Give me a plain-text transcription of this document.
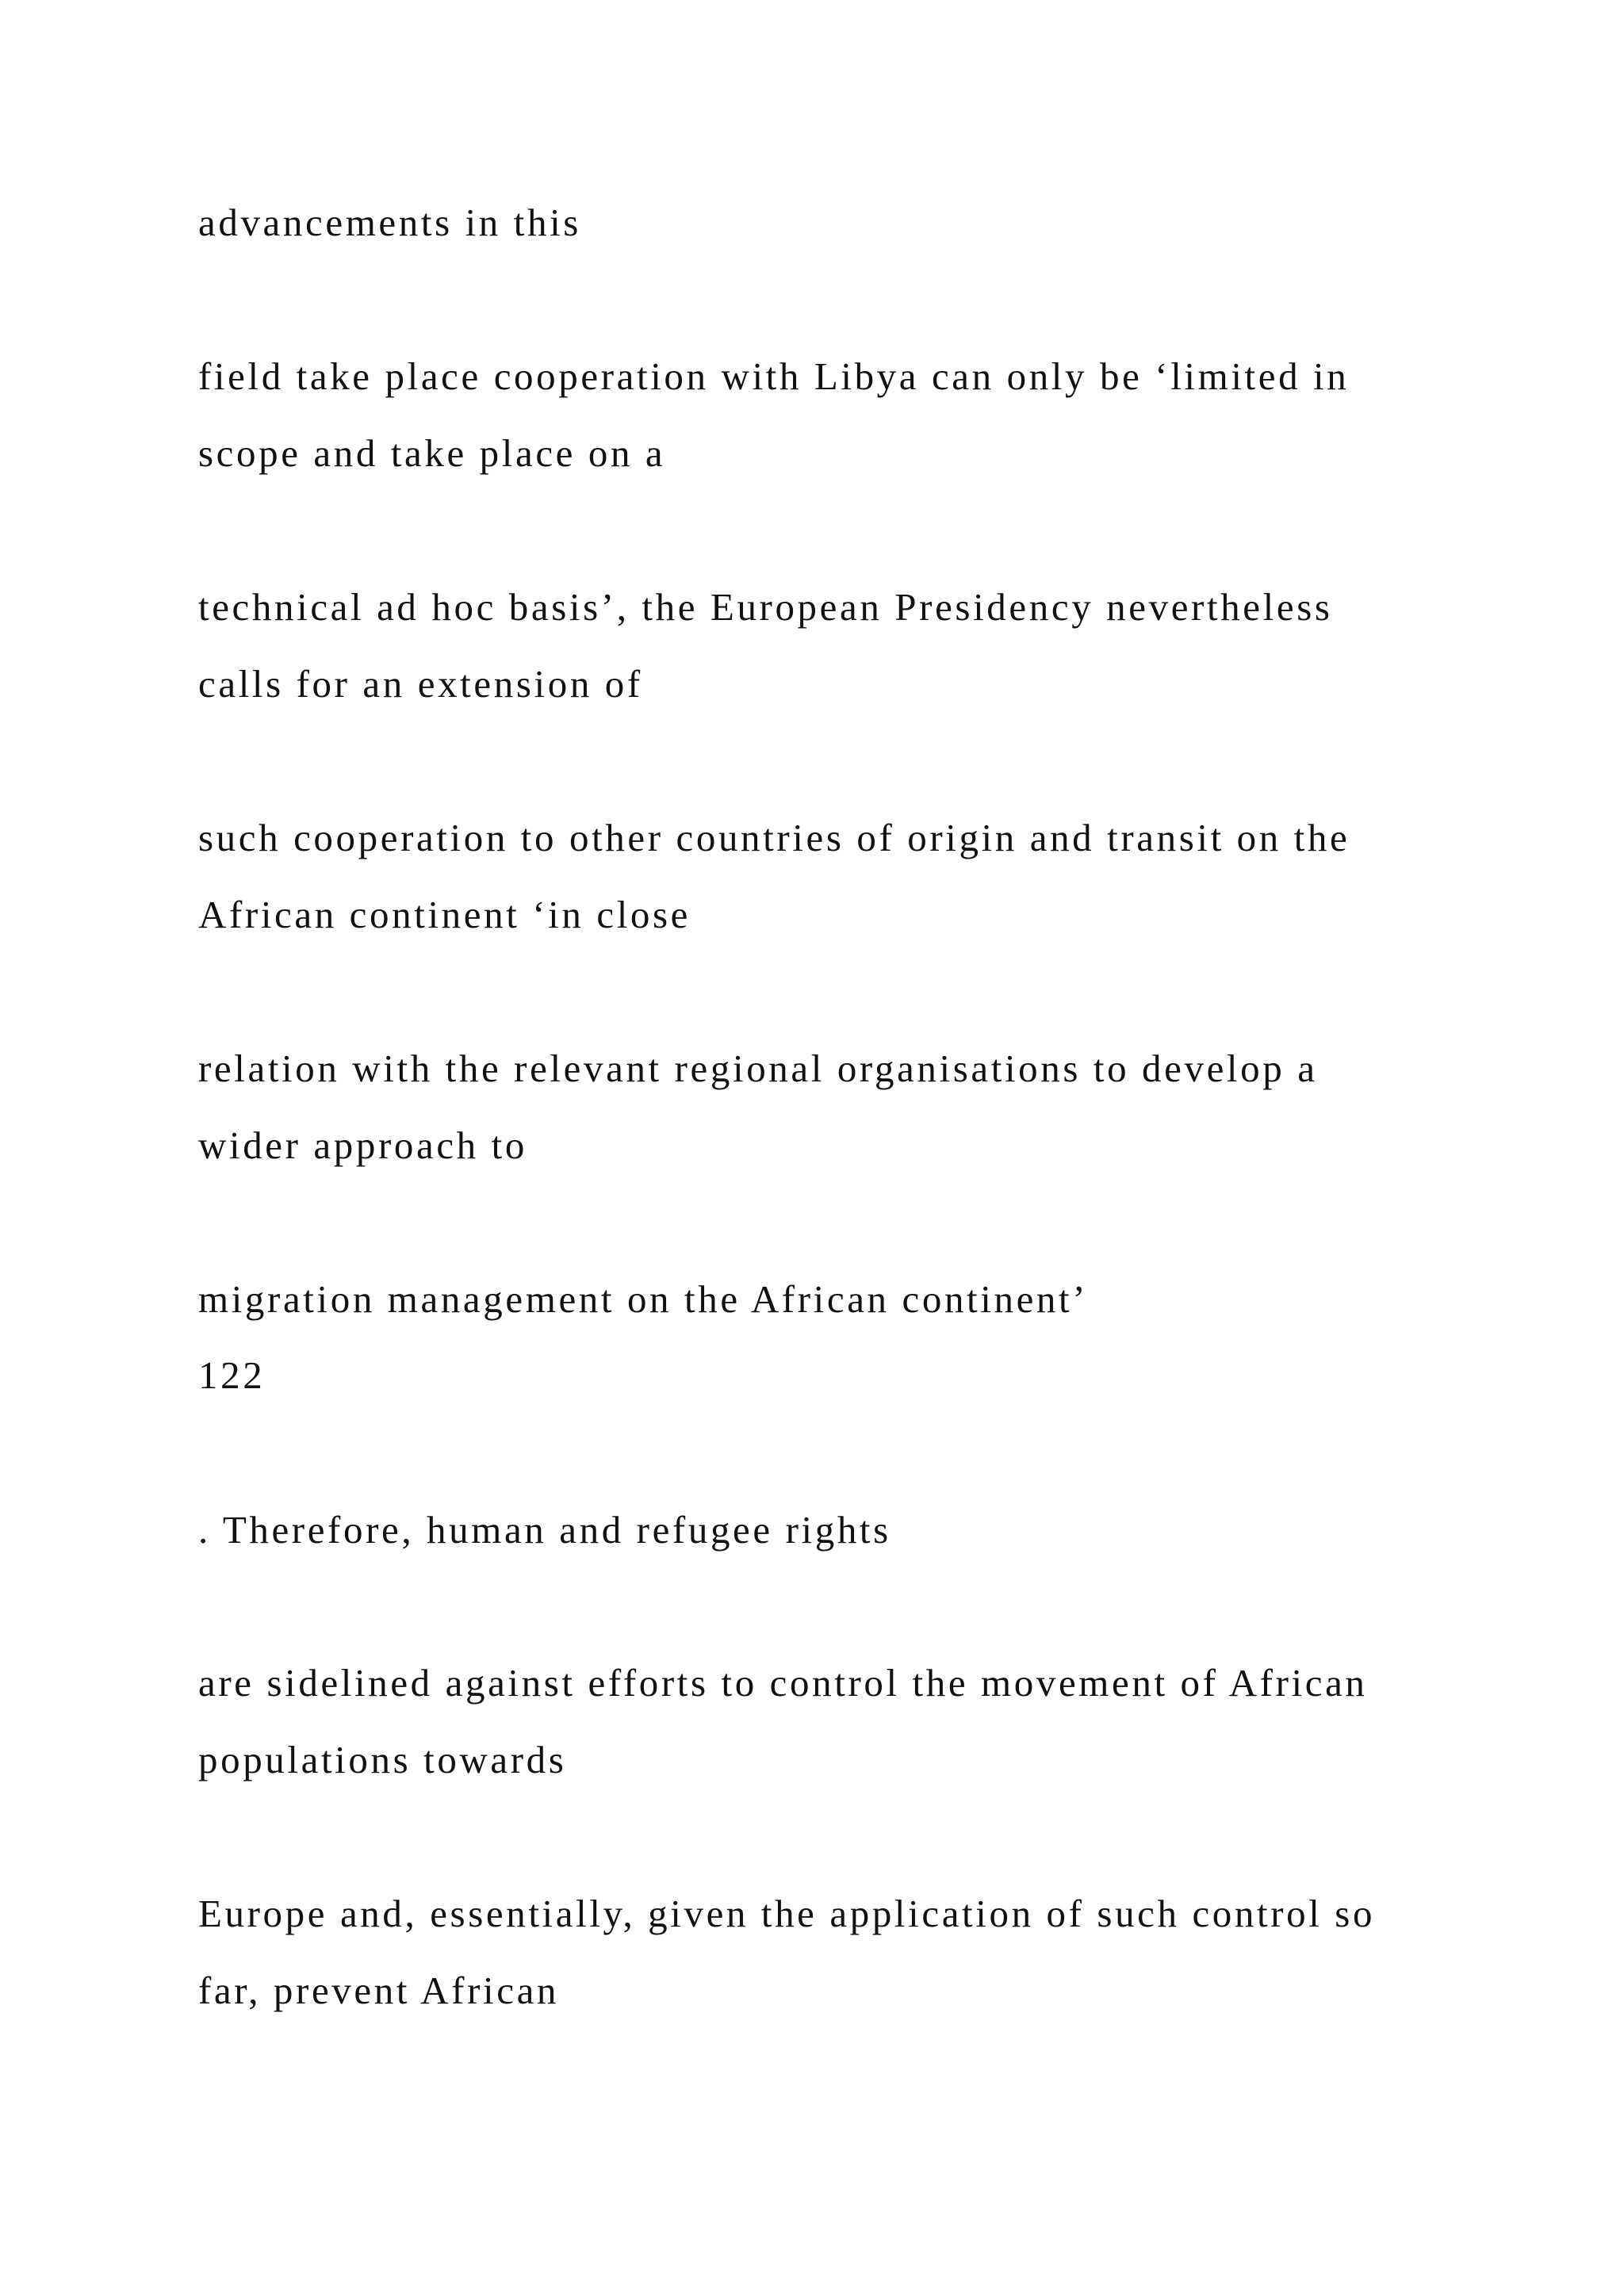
advancements in this
field take place cooperation with Libya can only be ‘limited in
scope and take place on a
technical ad hoc basis’, the European Presidency nevertheless
calls for an extension of
such cooperation to other countries of origin and transit on the
African continent ‘in close
relation with the relevant regional organisations to develop a
wider approach to
migration management on the African continent’
122
. Therefore, human and refugee rights
are sidelined against efforts to control the movement of African
populations towards
Europe and, essentially, given the application of such control so
far, prevent African
